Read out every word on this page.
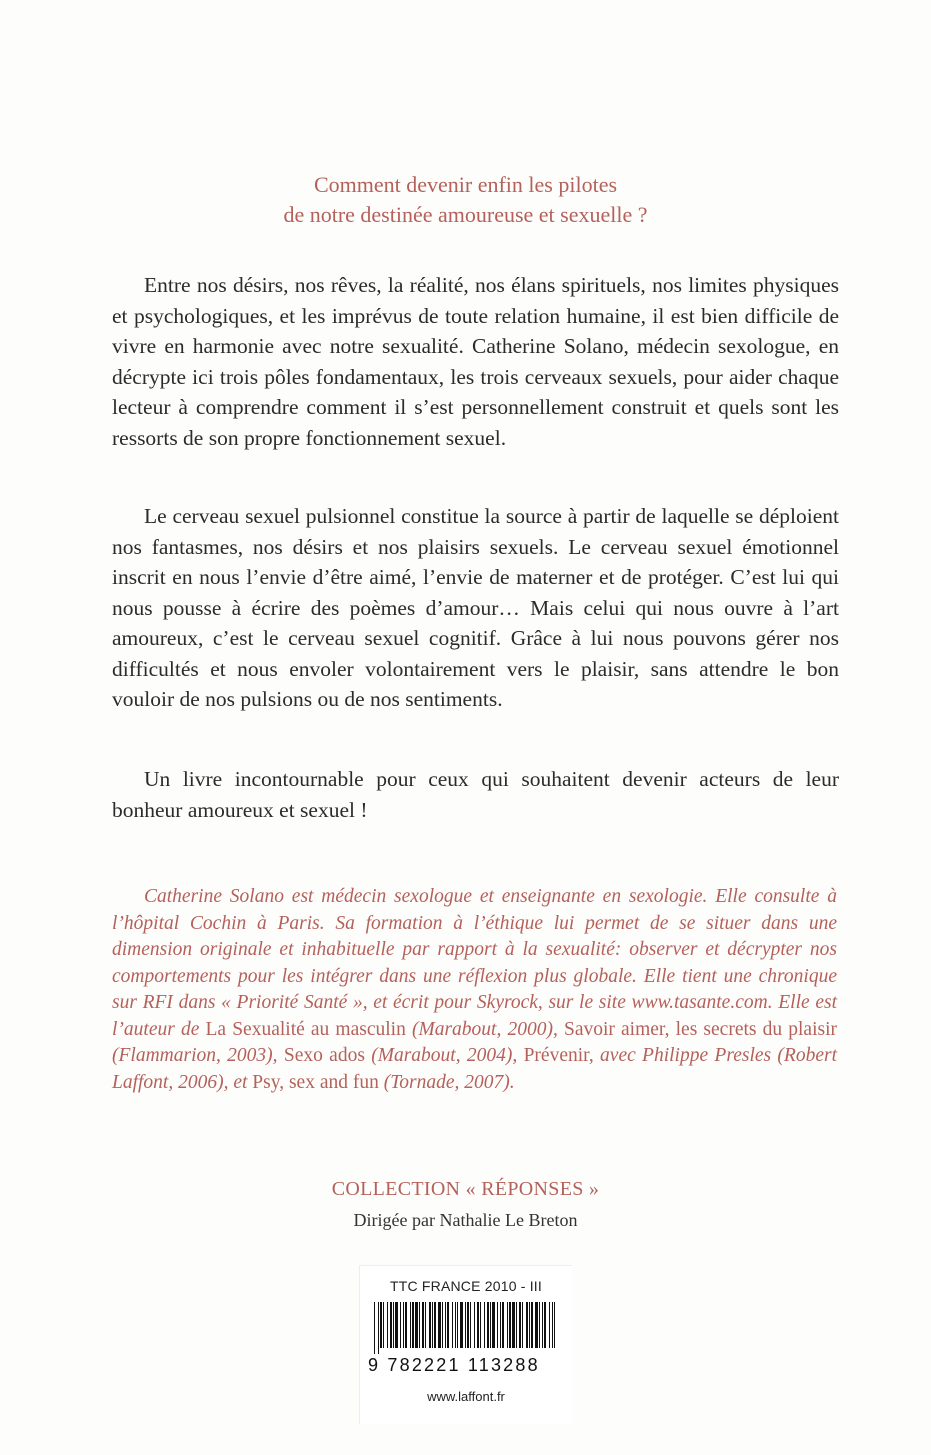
Comment devenir enfin les pilotes
de notre destinée amoureuse et sexuelle ?

Entre nos désirs, nos rêves, la réalité, nos élans spirituels, nos limites physiques et psychologiques, et les imprévus de toute relation humaine, il est bien difficile de vivre en harmonie avec notre sexualité. Catherine Solano, médecin sexologue, en décrypte ici trois pôles fondamentaux, les trois cerveaux sexuels, pour aider chaque lecteur à comprendre comment il s’est personnellement construit et quels sont les ressorts de son propre fonctionnement sexuel.

Le cerveau sexuel pulsionnel constitue la source à partir de laquelle se déploient nos fantasmes, nos désirs et nos plaisirs sexuels. Le cerveau sexuel émotionnel inscrit en nous l’envie d’être aimé, l’envie de materner et de protéger. C’est lui qui nous pousse à écrire des poèmes d’amour… Mais celui qui nous ouvre à l’art amoureux, c’est le cerveau sexuel cognitif. Grâce à lui nous pouvons gérer nos difficultés et nous envoler volontairement vers le plaisir, sans attendre le bon vouloir de nos pulsions ou de nos sentiments.

Un livre incontournable pour ceux qui souhaitent devenir acteurs de leur bonheur amoureux et sexuel !

Catherine Solano est médecin sexologue et enseignante en sexologie. Elle consulte à l’hôpital Cochin à Paris. Sa formation à l’éthique lui permet de se situer dans une dimension originale et inhabituelle par rapport à la sexualité: observer et décrypter nos comportements pour les intégrer dans une réflexion plus globale. Elle tient une chronique sur RFI dans « Priorité Santé », et écrit pour Skyrock, sur le site www.tasante.com. Elle est l’auteur de La Sexualité au masculin (Marabout, 2000), Savoir aimer, les secrets du plaisir (Flammarion, 2003), Sexo ados (Marabout, 2004), Prévenir, avec Philippe Presles (Robert Laffont, 2006), et Psy, sex and fun (Tornade, 2007).

COLLECTION « RÉPONSES »
Dirigée par Nathalie Le Breton
TTC FRANCE 2010 - III
9 782221 113288
www.laffont.fr
